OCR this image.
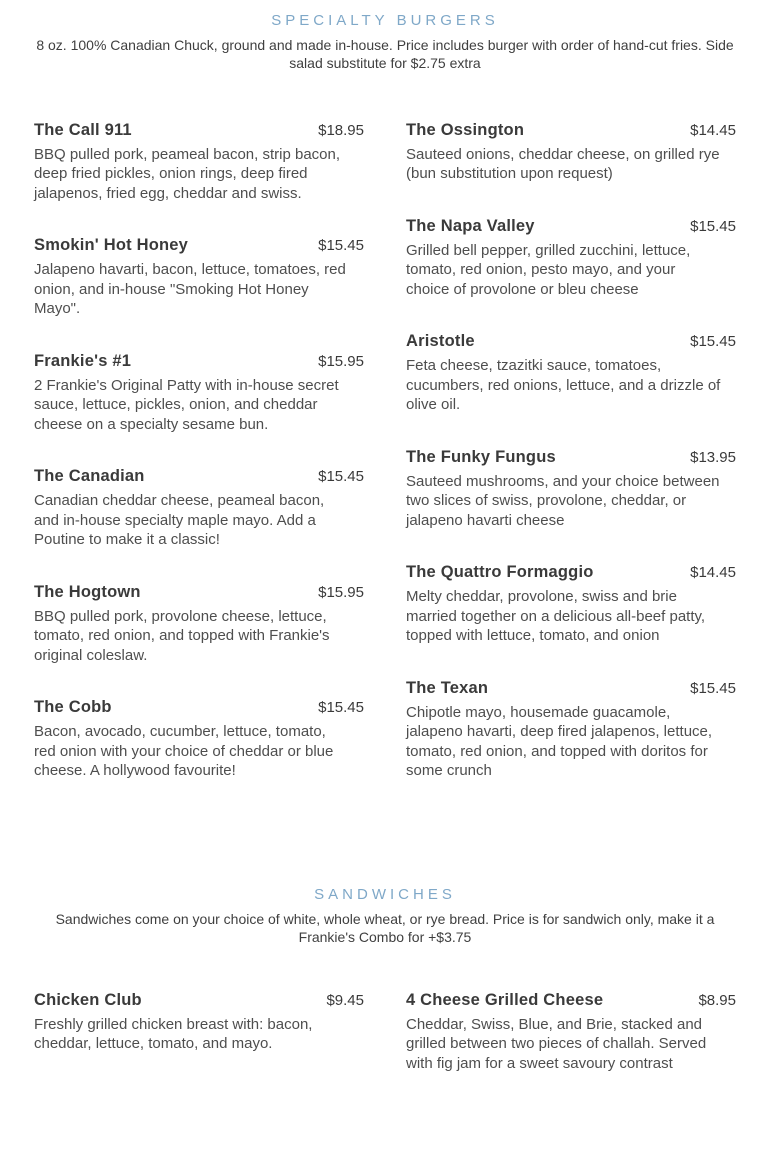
SPECIALTY BURGERS

8 oz. 100% Canadian Chuck, ground and made in-house. Price includes burger with order of hand-cut fries. Side salad substitute for $2.75 extra

The Call 911	$18.95
BBQ pulled pork, peameal bacon, strip bacon, deep fried pickles, onion rings, deep fired jalapenos, fried egg, cheddar and swiss.
Smokin' Hot Honey	$15.45
Jalapeno havarti, bacon, lettuce, tomatoes, red onion, and in-house "Smoking Hot Honey Mayo".
Frankie's #1	$15.95
2 Frankie's Original Patty with in-house secret sauce, lettuce, pickles, onion, and cheddar cheese on a specialty sesame bun.
The Canadian	$15.45
Canadian cheddar cheese, peameal bacon, and in-house specialty maple mayo. Add a Poutine to make it a classic!
The Hogtown	$15.95
BBQ pulled pork, provolone cheese, lettuce, tomato, red onion, and topped with Frankie's original coleslaw.
The Cobb	$15.45
Bacon, avocado, cucumber, lettuce, tomato, red onion with your choice of cheddar or blue cheese. A hollywood favourite!
The Ossington	$14.45
Sauteed onions, cheddar cheese, on grilled rye (bun substitution upon request)
The Napa Valley	$15.45
Grilled bell pepper, grilled zucchini, lettuce, tomato, red onion, pesto mayo, and your choice of provolone or bleu cheese
Aristotle	$15.45
Feta cheese, tzazitki sauce, tomatoes, cucumbers, red onions, lettuce, and a drizzle of olive oil.
The Funky Fungus	$13.95
Sauteed mushrooms, and your choice between two slices of swiss, provolone, cheddar, or jalapeno havarti cheese
The Quattro Formaggio	$14.45
Melty cheddar, provolone, swiss and brie married together on a delicious all-beef patty, topped with lettuce, tomato, and onion
The Texan	$15.45
Chipotle mayo, housemade guacamole, jalapeno havarti, deep fired jalapenos, lettuce, tomato, red onion, and topped with doritos for some crunch
SANDWICHES

Sandwiches come on your choice of white, whole wheat, or rye bread. Price is for sandwich only, make it a Frankie's Combo for +$3.75

Chicken Club	$9.45
Freshly grilled chicken breast with: bacon, cheddar, lettuce, tomato, and mayo.
4 Cheese Grilled Cheese	$8.95
Cheddar, Swiss, Blue, and Brie, stacked and grilled between two pieces of challah. Served with fig jam for a sweet savoury contrast
